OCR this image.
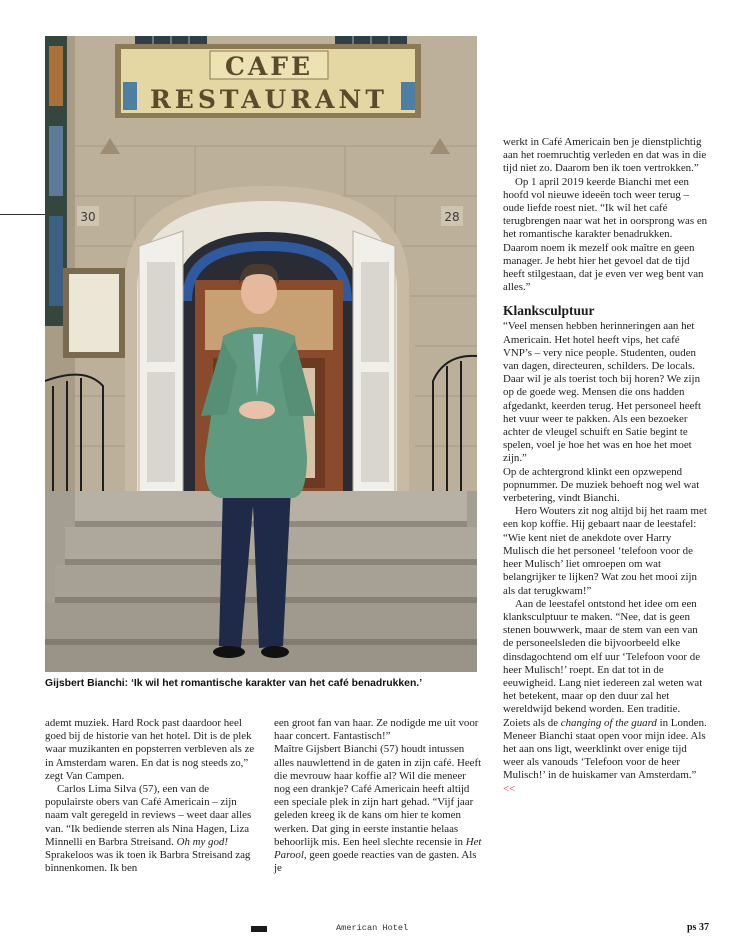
CAFE
RESTAURANT
30	28
Gijsbert Bianchi: ‘Ik wil het romantische karakter van het café benadrukken.’

ademt muziek. Hard Rock past daardoor heel goed bij de historie van het hotel. Dit is de plek waar muzikanten en popsterren verbleven als ze in Amsterdam waren. En dat is nog steeds zo,” zegt Van Campen.

Carlos Lima Silva (57), een van de populairste obers van Café Americain – zijn naam valt geregeld in reviews – weet daar alles van. “Ik bediende sterren als Nina Hagen, Liza Minnelli en Barbra Streisand. Oh my god! Sprakeloos was ik toen ik Barbra Streisand zag binnenkomen. Ik ben

een groot fan van haar. Ze nodigde me uit voor haar concert. Fantastisch!”

Maître Gijsbert Bianchi (57) houdt intussen alles nauwlettend in de gaten in zijn café. Heeft die mevrouw haar koffie al? Wil die meneer nog een drankje? Café Americain heeft altijd een speciale plek in zijn hart gehad. “Vijf jaar geleden kreeg ik de kans om hier te komen werken. Dat ging in eerste instantie helaas behoorlijk mis. Een heel slechte recensie in Het Parool, geen goede reacties van de gasten. Als je

werkt in Café Americain ben je dienstplichtig aan het roemruchtig verleden en dat was in die tijd niet zo. Daarom ben ik toen vertrokken.”

Op 1 april 2019 keerde Bianchi met een hoofd vol nieuwe ideeën toch weer terug – oude liefde roest niet. “Ik wil het café terugbrengen naar wat het in oorsprong was en het romantische karakter benadrukken. Daarom noem ik mezelf ook maître en geen manager. Je hebt hier het gevoel dat de tijd heeft stilgestaan, dat je even ver weg bent van alles.”

Klanksculptuur

“Veel mensen hebben herinneringen aan het Americain. Het hotel heeft vips, het café VNP’s – very nice people. Studenten, ouden van dagen, directeuren, schilders. De locals. Daar wil je als toerist toch bij horen? We zijn op de goede weg. Mensen die ons hadden afgedankt, keerden terug. Het personeel heeft het vuur weer te pakken. Als een bezoeker achter de vleugel schuift en Satie begint te spelen, voel je hoe het was en hoe het moet zijn.”

Op de achtergrond klinkt een opzwepend popnummer. De muziek behoeft nog wel wat verbetering, vindt Bianchi.

Hero Wouters zit nog altijd bij het raam met een kop koffie. Hij gebaart naar de leestafel: “Wie kent niet de anekdote over Harry Mulisch die het personeel ‘telefoon voor de heer Mulisch’ liet omroepen om wat belangrijker te lijken? Wat zou het mooi zijn als dat terugkwam!”

Aan de leestafel ontstond het idee om een klanksculptuur te maken. “Nee, dat is geen stenen bouwwerk, maar de stem van een van de personeelsleden die bijvoorbeeld elke dinsdagochtend om elf uur ‘Telefoon voor de heer Mulisch!’ roept. En dat tot in de eeuwigheid. Lang niet iedereen zal weten wat het betekent, maar op den duur zal het wereldwijd bekend worden. Een traditie. Zoiets als de changing of the guard in Londen. Meneer Bianchi staat open voor mijn idee. Als het aan ons ligt, weerklinkt over enige tijd weer als vanouds ‘Telefoon voor de heer Mulisch!’ in de huiskamer van Amsterdam.” <<

American Hotel	ps 37
